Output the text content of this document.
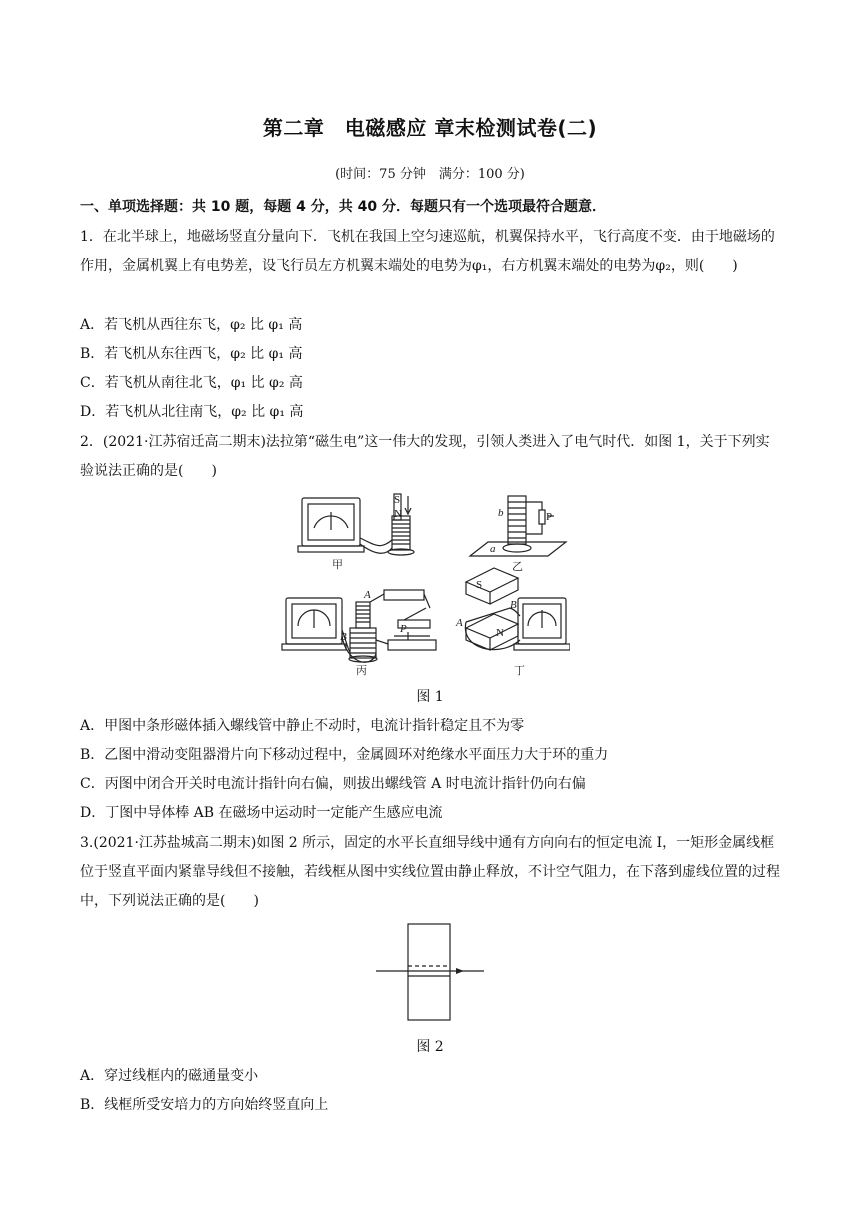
第二章　电磁感应 章末检测试卷(二)
(时间：75 分钟　满分：100 分)
一、单项选择题：共 10 题，每题 4 分，共 40 分．每题只有一个选项最符合题意．
1．在北半球上，地磁场竖直分量向下．飞机在我国上空匀速巡航，机翼保持水平，飞行高度不变．由于地磁场的作用，金属机翼上有电势差，设飞行员左方机翼末端处的电势为φ₁，右方机翼末端处的电势为φ₂，则(　　)
A．若飞机从西往东飞，φ₂ 比 φ₁ 高
B．若飞机从东往西飞，φ₂ 比 φ₁ 高
C．若飞机从南往北飞，φ₁ 比 φ₂ 高
D．若飞机从北往南飞，φ₂ 比 φ₁ 高
2．(2021·江苏宿迁高二期末)法拉第“磁生电”这一伟大的发现，引领人类进入了电气时代．如图 1，关于下列实验说法正确的是(　　)
S
N	P
b
a
A
B
P	A
B
S
N
甲	乙
丙	丁
图 1
A．甲图中条形磁体插入螺线管中静止不动时，电流计指针稳定且不为零
B．乙图中滑动变阻器滑片向下移动过程中，金属圆环对绝缘水平面压力大于环的重力
C．丙图中闭合开关时电流计指针向右偏，则拔出螺线管 A 时电流计指针仍向右偏
D．丁图中导体棒 AB 在磁场中运动时一定能产生感应电流
3.(2021·江苏盐城高二期末)如图 2 所示，固定的水平长直细导线中通有方向向右的恒定电流 I，一矩形金属线框位于竖直平面内紧靠导线但不接触，若线框从图中实线位置由静止释放，不计空气阻力，在下落到虚线位置的过程中，下列说法正确的是(　　)
图 2
A．穿过线框内的磁通量变小
B．线框所受安培力的方向始终竖直向上
